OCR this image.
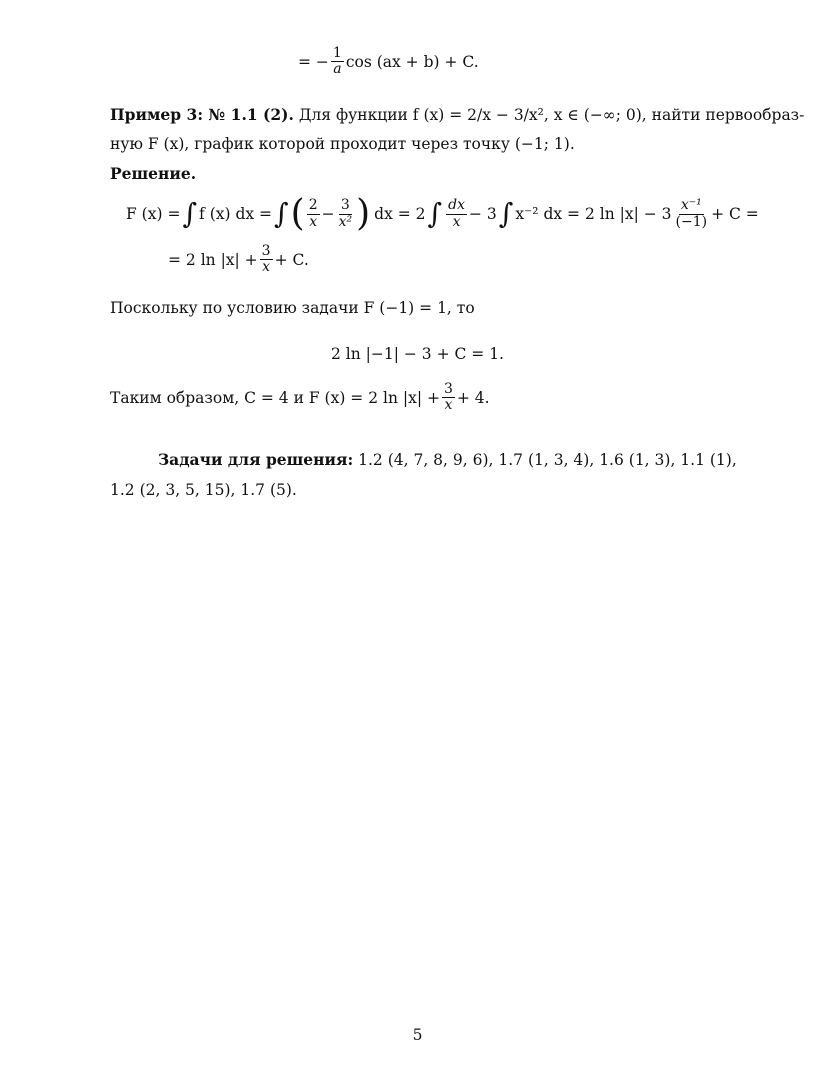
= − $\frac{1}{a}$ cos (ax + b) + C.
Пример 3: № 1.1 (2). Для функции f (x) = 2/x − 3/x², x ∈ (−∞; 0), найти первообраз-
ную F (x), график которой проходит через точку (−1; 1).
Решение.
F (x) = ∫ f (x) dx = ∫ ( $\frac{2}{x} - \frac{3}{\text{x²}}$ ) dx = 2 ∫ $\frac{dx}{x} - 3$ ∫ x⁻² dx = 2 $\ln |x| - 3 \frac{\text{x⁻¹}}{(-1)} + C$ =
= 2 $\ln |x| + \frac{3}{x} + C$.
Поскольку по условию задачи F (−1) = 1, то
2 ln |−1| − 3 + C = 1.
Таким образом, C = 4 и F (x) = 2 $\ln |x| + \frac{3}{x} + 4$.
Задачи для решения: 1.2 (4, 7, 8, 9, 6), 1.7 (1, 3, 4), 1.6 (1, 3), 1.1 (1),
1.2 (2, 3, 5, 15), 1.7 (5).
5
